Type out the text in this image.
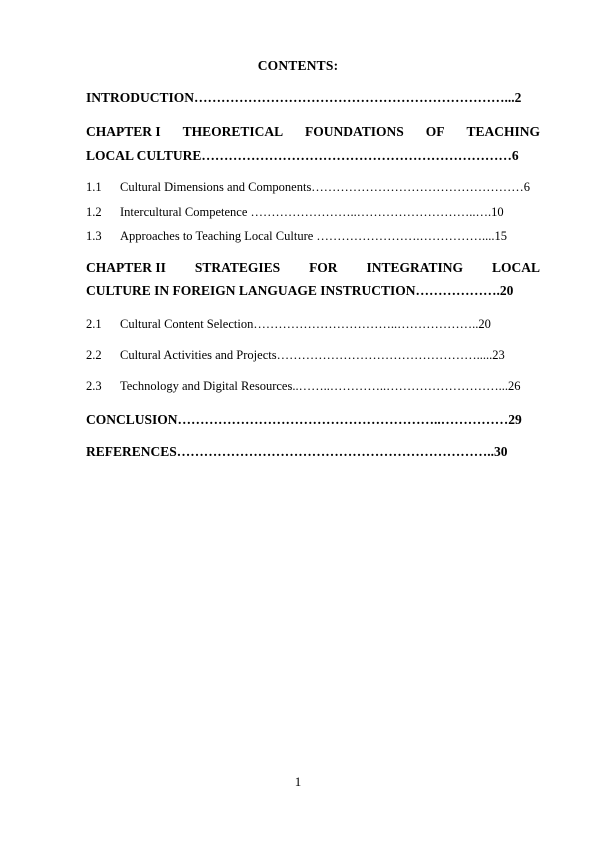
CONTENTS:
INTRODUCTION……………………………………………………………...2
CHAPTER I THEORETICAL FOUNDATIONS OF TEACHING
LOCAL CULTURE……………………………………………………………6
1.1 Cultural Dimensions and Components……………………………………………6
1.2 Intercultural Competence ……………………..………………………..….10
1.3 Approaches to Teaching Local Culture …………………….……………....15
CHAPTER II STRATEGIES FOR INTEGRATING LOCAL
CULTURE IN FOREIGN LANGUAGE INSTRUCTION……………….20
2.1 Cultural Content Selection……………………………..………………..20
2.2 Cultural Activities and Projects………………………………………….....23
2.3 Technology and Digital Resources..……..…………..………………………...26
CONCLUSION…………………………………………………..……………29
REFERENCES……………………………………………………………..30
1
